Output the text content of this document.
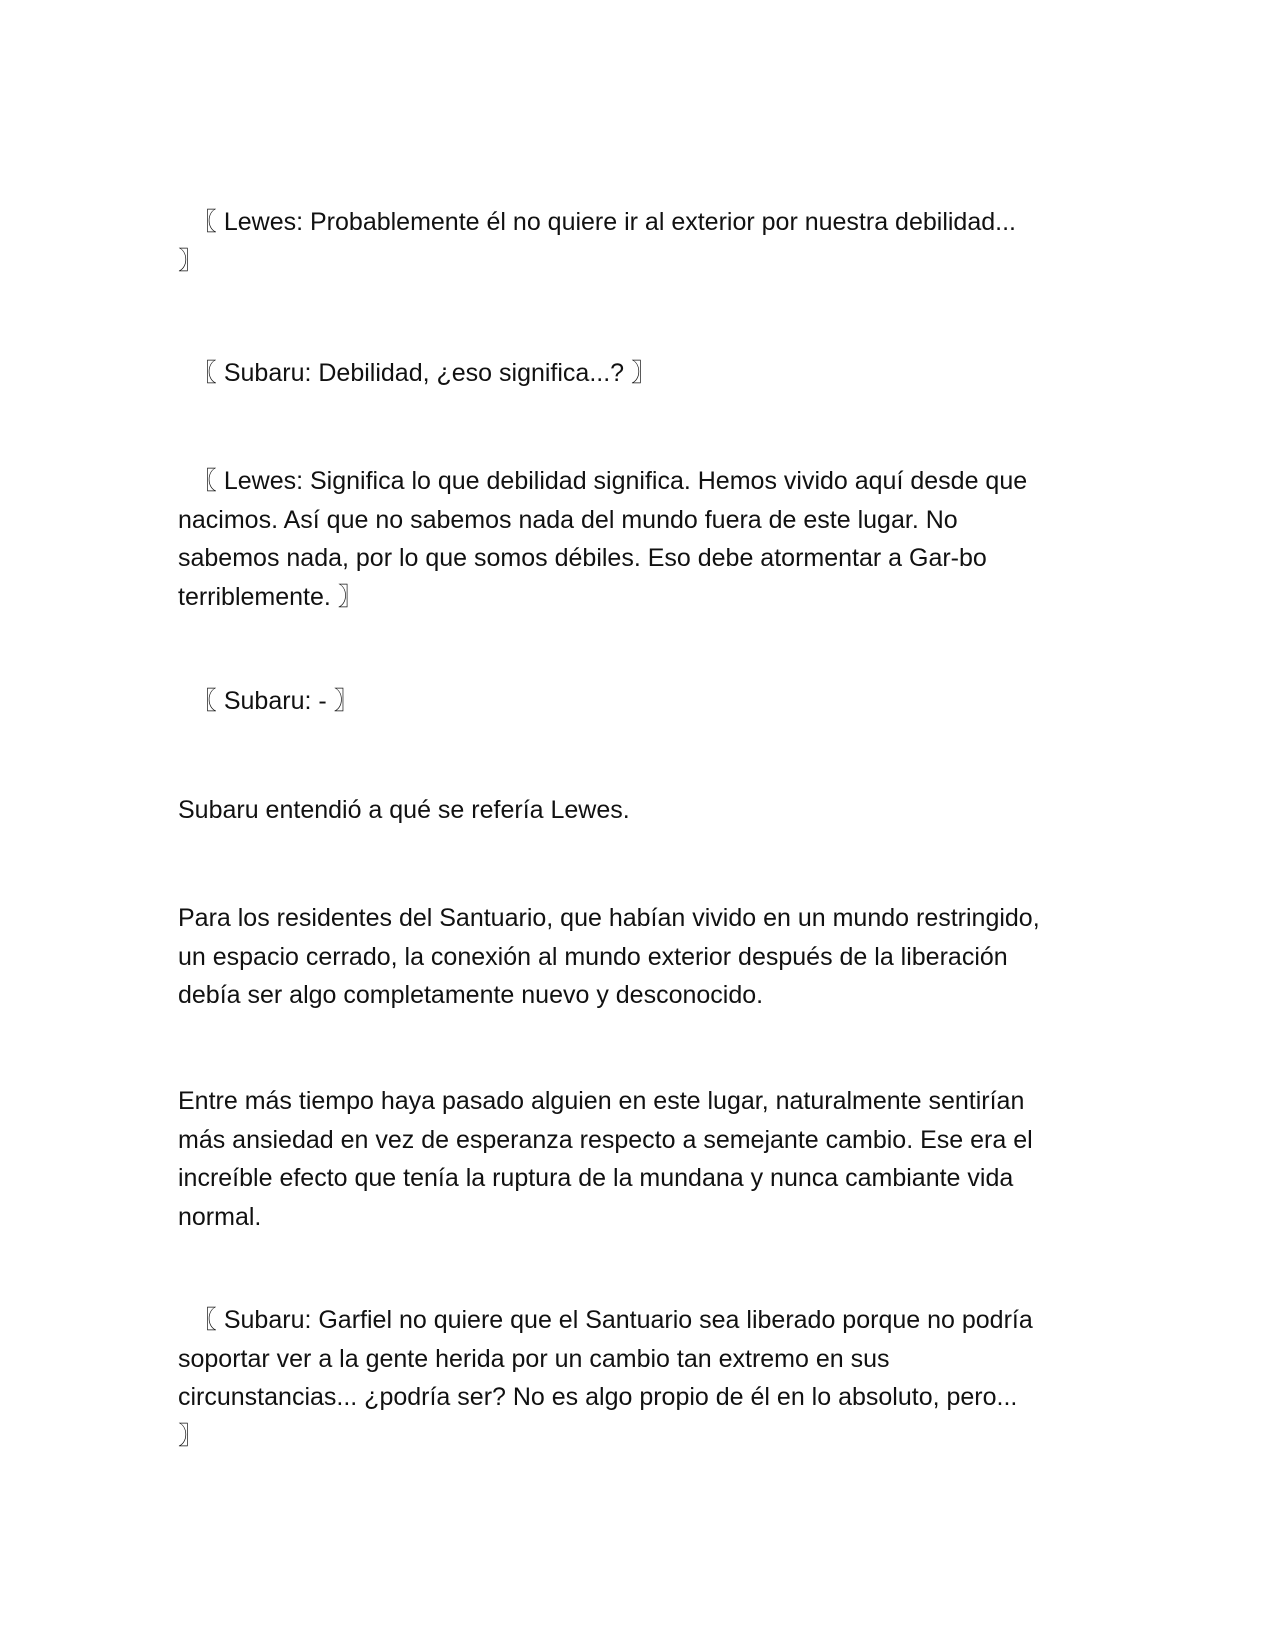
〖 Lewes: Probablemente él no quiere ir al exterior por nuestra debilidad...
〗

〖 Subaru: Debilidad, ¿eso significa...? 〗

〖 Lewes: Significa lo que debilidad significa. Hemos vivido aquí desde que
nacimos. Así que no sabemos nada del mundo fuera de este lugar. No
sabemos nada, por lo que somos débiles. Eso debe atormentar a Gar-bo
terriblemente. 〗

〖 Subaru: - 〗

Subaru entendió a qué se refería Lewes.

Para los residentes del Santuario, que habían vivido en un mundo restringido,
un espacio cerrado, la conexión al mundo exterior después de la liberación
debía ser algo completamente nuevo y desconocido.

Entre más tiempo haya pasado alguien en este lugar, naturalmente sentirían
más ansiedad en vez de esperanza respecto a semejante cambio. Ese era el
increíble efecto que tenía la ruptura de la mundana y nunca cambiante vida
normal.

〖 Subaru: Garfiel no quiere que el Santuario sea liberado porque no podría
soportar ver a la gente herida por un cambio tan extremo en sus
circunstancias... ¿podría ser? No es algo propio de él en lo absoluto, pero...
〗
